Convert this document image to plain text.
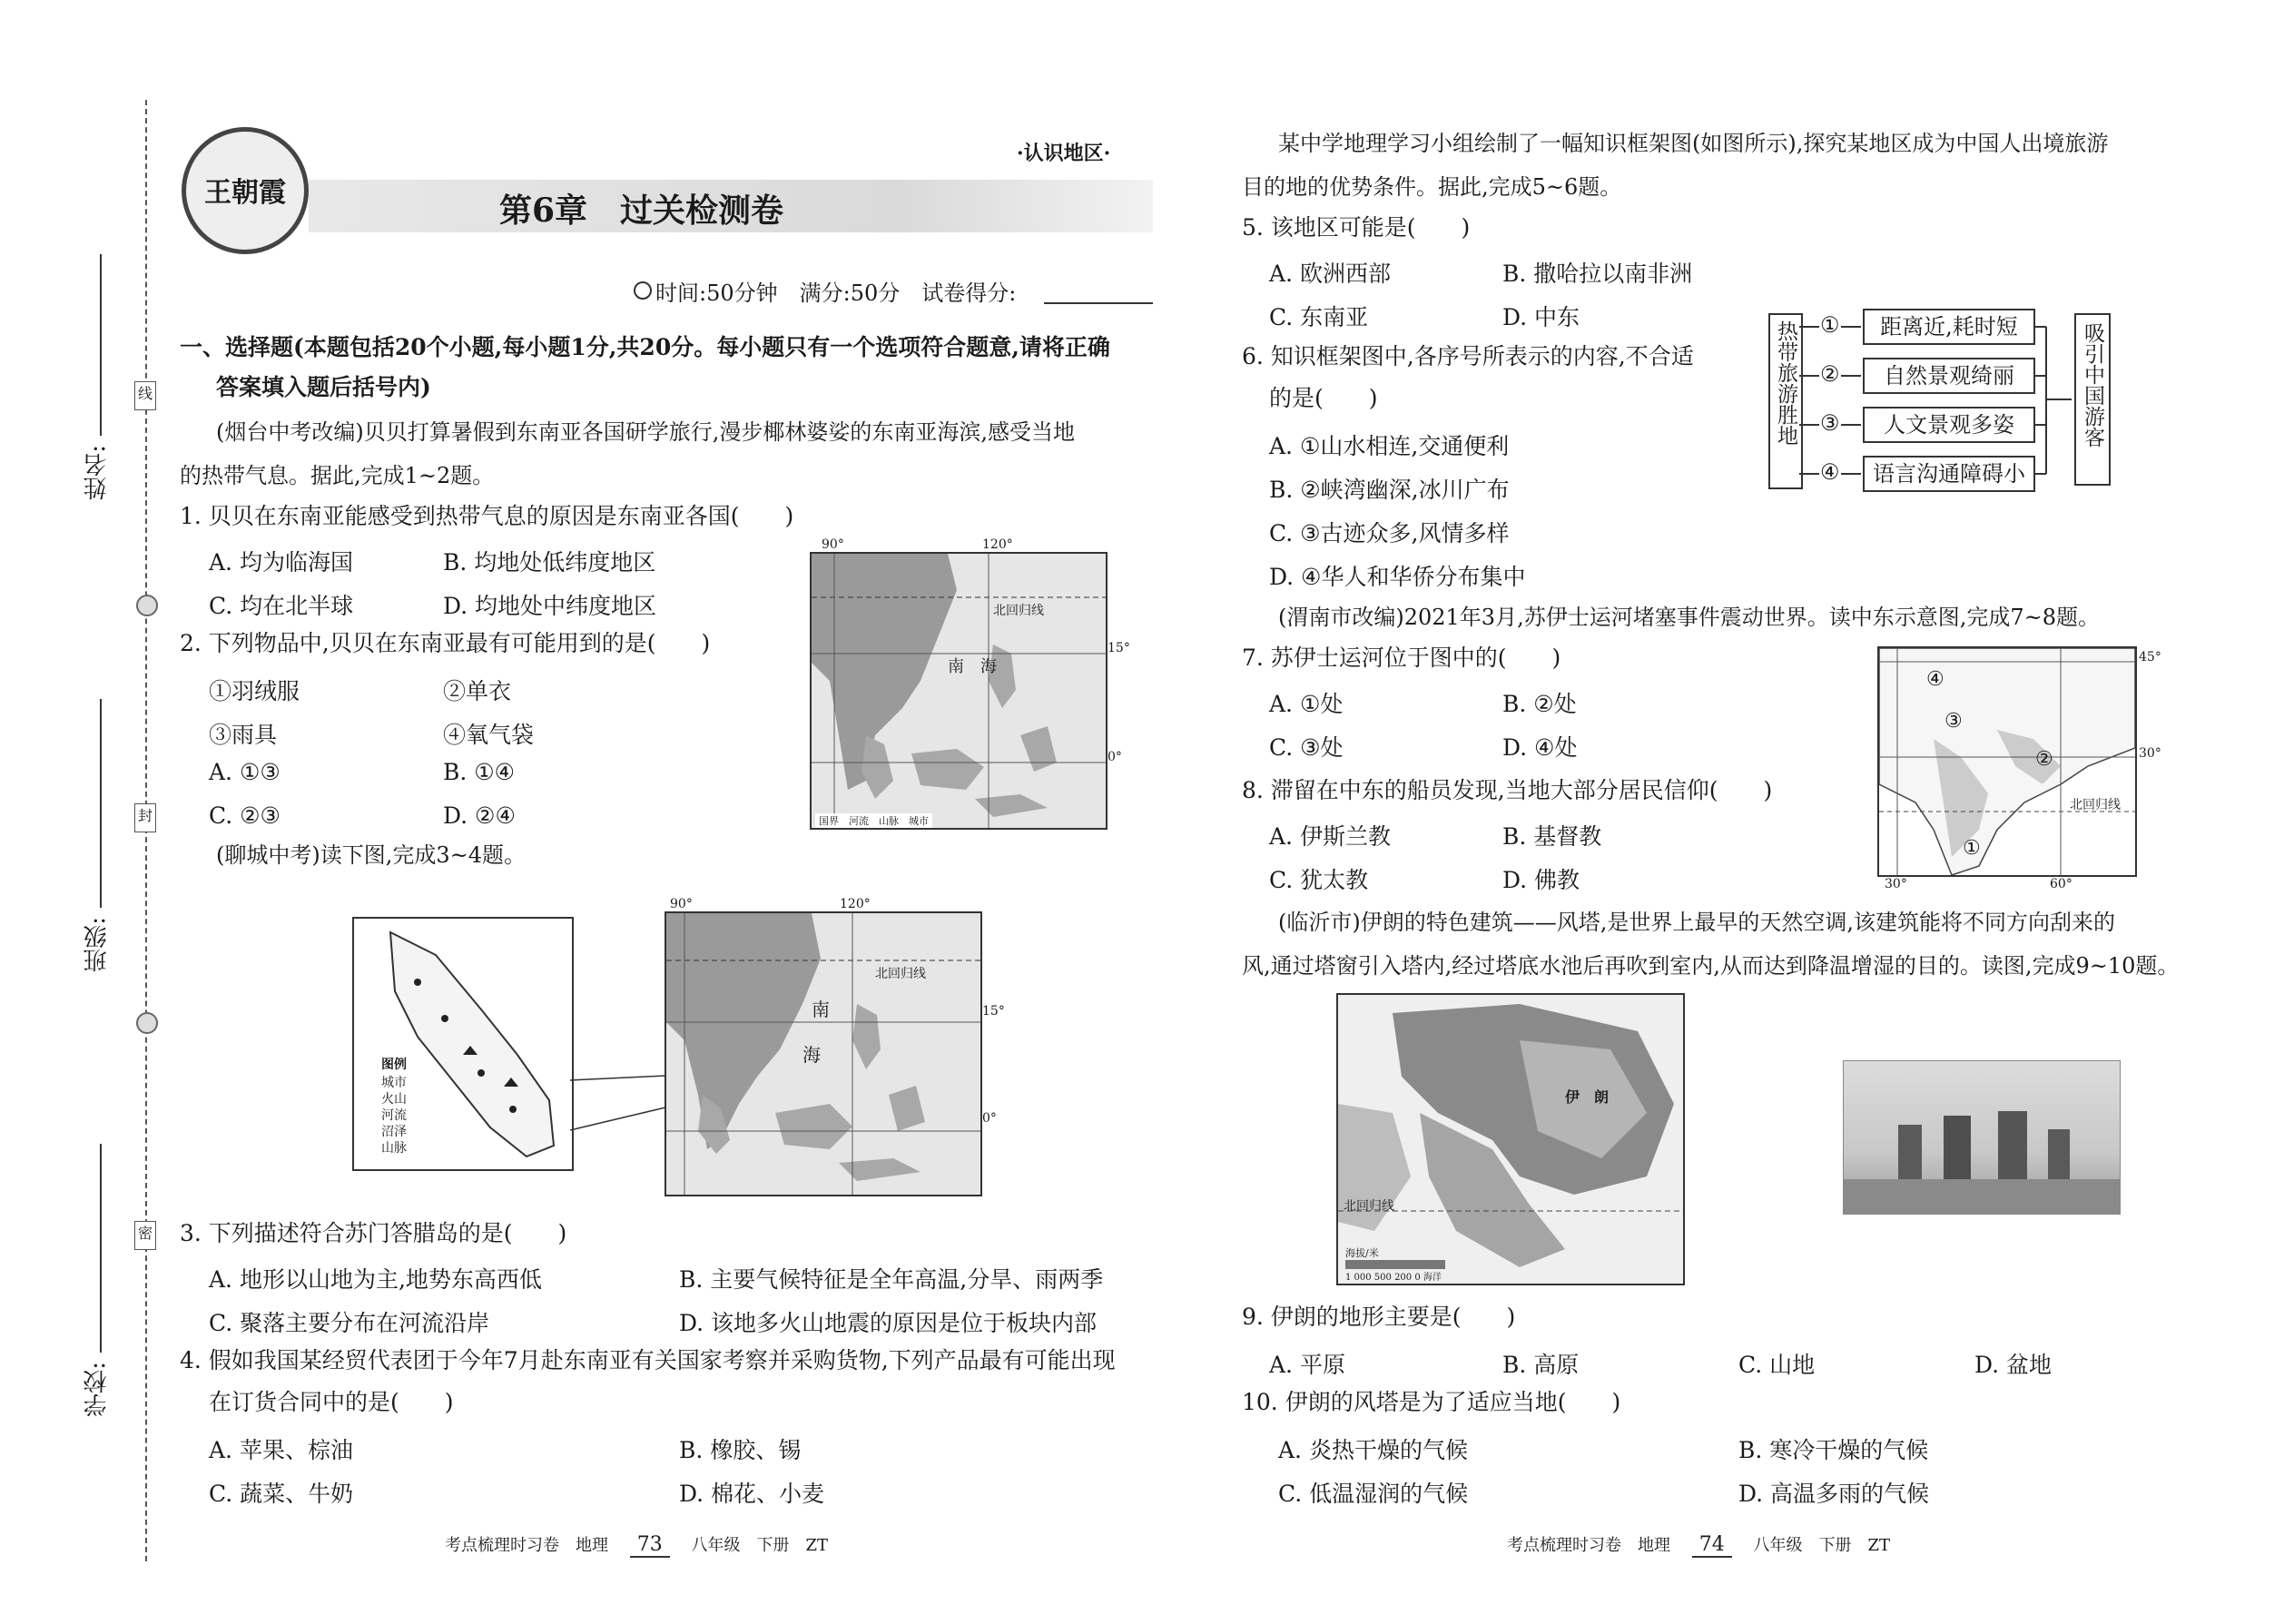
姓名:
班级:
学校:
线
封
密
王朝霞	第6章　过关检测卷
·认识地区·
时间:50分钟　满分:50分　试卷得分:
一、选择题(本题包括20个小题,每小题1分,共20分。每小题只有一个选项符合题意,请将正确
答案填入题后括号内)
(烟台中考改编)贝贝打算暑假到东南亚各国研学旅行,漫步椰林婆娑的东南亚海滨,感受当地
的热带气息。据此,完成1~2题。
1. 贝贝在东南亚能感受到热带气息的原因是东南亚各国(　　)
A. 均为临海国	B. 均地处低纬度地区
C. 均在北半球	D. 均地处中纬度地区
2. 下列物品中,贝贝在东南亚最有可能用到的是(　　)
①羽绒服	②单衣
③雨具	④氧气袋
A. ①③	B. ①④
C. ②③	D. ②④
90°	120°
北回归线
南　海
国界　河流　山脉　城市
15°
0°
(聊城中考)读下图,完成3~4题。
图例
城市
火山
河流
沼泽
山脉
90°	120°
北回归线
南
海
15°
0°
3. 下列描述符合苏门答腊岛的是(　　)
A. 地形以山地为主,地势东高西低	B. 主要气候特征是全年高温,分旱、雨两季
C. 聚落主要分布在河流沿岸	D. 该地多火山地震的原因是位于板块内部
4. 假如我国某经贸代表团于今年7月赴东南亚有关国家考察并采购货物,下列产品最有可能出现
在订货合同中的是(　　)
A. 苹果、棕油	B. 橡胶、锡
C. 蔬菜、牛奶	D. 棉花、小麦
考点梳理时习卷　地理 　 73　 八年级　下册　ZT
某中学地理学习小组绘制了一幅知识框架图(如图所示),探究某地区成为中国人出境旅游
目的地的优势条件。据此,完成5~6题。
5. 该地区可能是(　　)
A. 欧洲西部	B. 撒哈拉以南非洲
C. 东南亚	D. 中东
6. 知识框架图中,各序号所表示的内容,不合适
的是(　　)
A. ①山水相连,交通便利
B. ②峡湾幽深,冰川广布
C. ③古迹众多,风情多样
D. ④华人和华侨分布集中
热带旅游胜地 ①
②
③
④
距离近,耗时短
自然景观绮丽
人文景观多姿
语言沟通障碍小
吸引中国游客
(渭南市改编)2021年3月,苏伊士运河堵塞事件震动世界。读中东示意图,完成7~8题。
7. 苏伊士运河位于图中的(　　)
A. ①处	B. ②处
C. ③处	D. ④处
④
③
②
①
北回归线
45°
30°
30°	60°
8. 滞留在中东的船员发现,当地大部分居民信仰(　　)
A. 伊斯兰教	B. 基督教
C. 犹太教	D. 佛教
(临沂市)伊朗的特色建筑——风塔,是世界上最早的天然空调,该建筑能将不同方向刮来的
风,通过塔窗引入塔内,经过塔底水池后再吹到室内,从而达到降温增湿的目的。读图,完成9~10题。
伊　朗
北回归线
海拔/米
1 000 500 200 0 海洋
9. 伊朗的地形主要是(　　)
A. 平原	B. 高原	C. 山地	D. 盆地
10. 伊朗的风塔是为了适应当地(　　)
A. 炎热干燥的气候	B. 寒冷干燥的气候
C. 低温湿润的气候	D. 高温多雨的气候
考点梳理时习卷　地理 　 74　 八年级　下册　ZT
